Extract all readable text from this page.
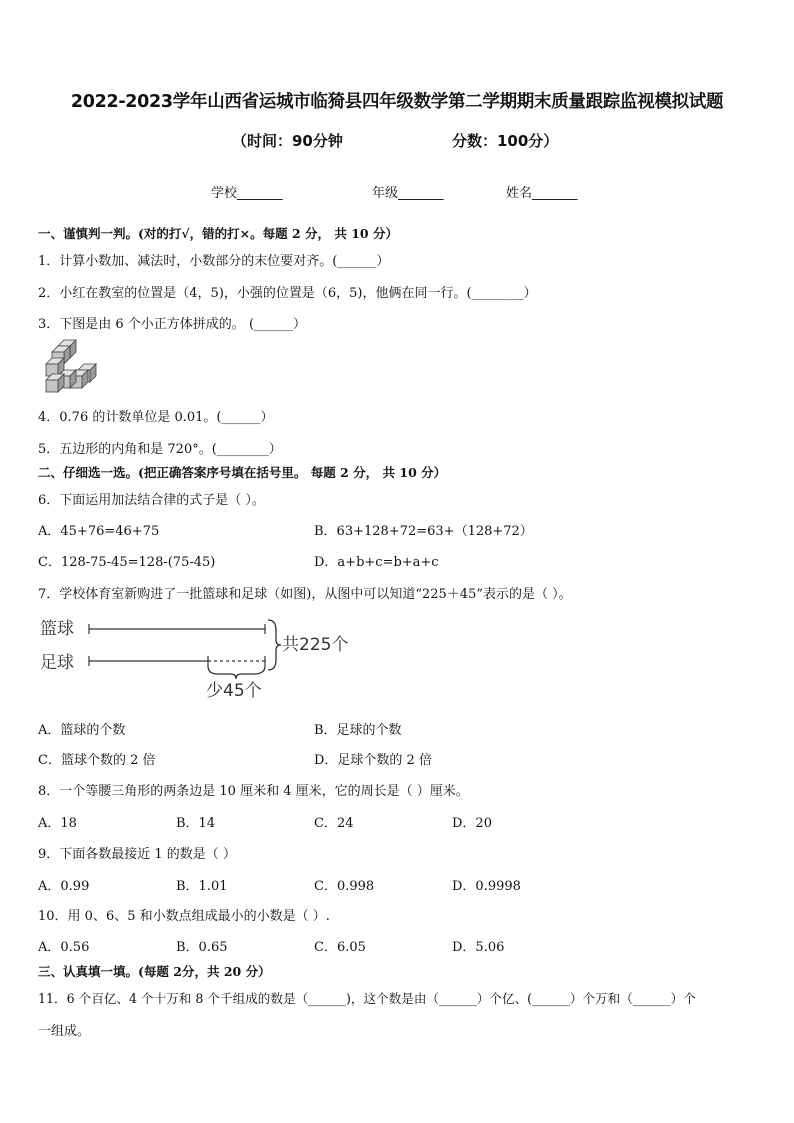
2022-2023学年山西省运城市临猗县四年级数学第二学期期末质量跟踪监视模拟试题
（时间：90分钟	分数：100分）
学校_______	年级_______	姓名_______
一、谨慎判一判。(对的打√，错的打×。每题 2 分， 共 10 分）
1．计算小数加、减法时，小数部分的末位要对齐。(______）
2．小红在教室的位置是（4，5)，小强的位置是（6，5)，他俩在同一行。(________）
3．下图是由 6 个小正方体拼成的。 (______）
4．0.76 的计数单位是 0.01。(______）
5．五边形的内角和是 720°。(________）
二、仔细选一选。(把正确答案序号填在括号里。 每题 2 分， 共 10 分）
6．下面运用加法结合律的式子是（ ）。
A．45+76=46+75	B．63+128+72=63+（128+72）
C．128-75-45=128-(75-45)	D．a+b+c=b+a+c
7．学校体育室新购进了一批篮球和足球（如图)，从图中可以知道“225＋45”表示的是（ ）。
篮球
足球
共225个
少45个
A．篮球的个数	B．足球的个数
C．篮球个数的 2 倍	D．足球个数的 2 倍
8．一个等腰三角形的两条边是 10 厘米和 4 厘米，它的周长是（ ）厘米。
A．18	B．14	C．24	D．20
9．下面各数最接近 1 的数是（ ）
A．0.99	B．1.01	C．0.998	D．0.9998
10．用 0、6、5 和小数点组成最小的小数是（ ）.
A．0.56	B．0.65	C．6.05	D．5.06
三、认真填一填。(每题 2分，共 20 分）
11．6 个百亿、4 个十万和 8 个千组成的数是（______)，这个数是由（______）个亿、(______）个万和（______）个
一组成。
